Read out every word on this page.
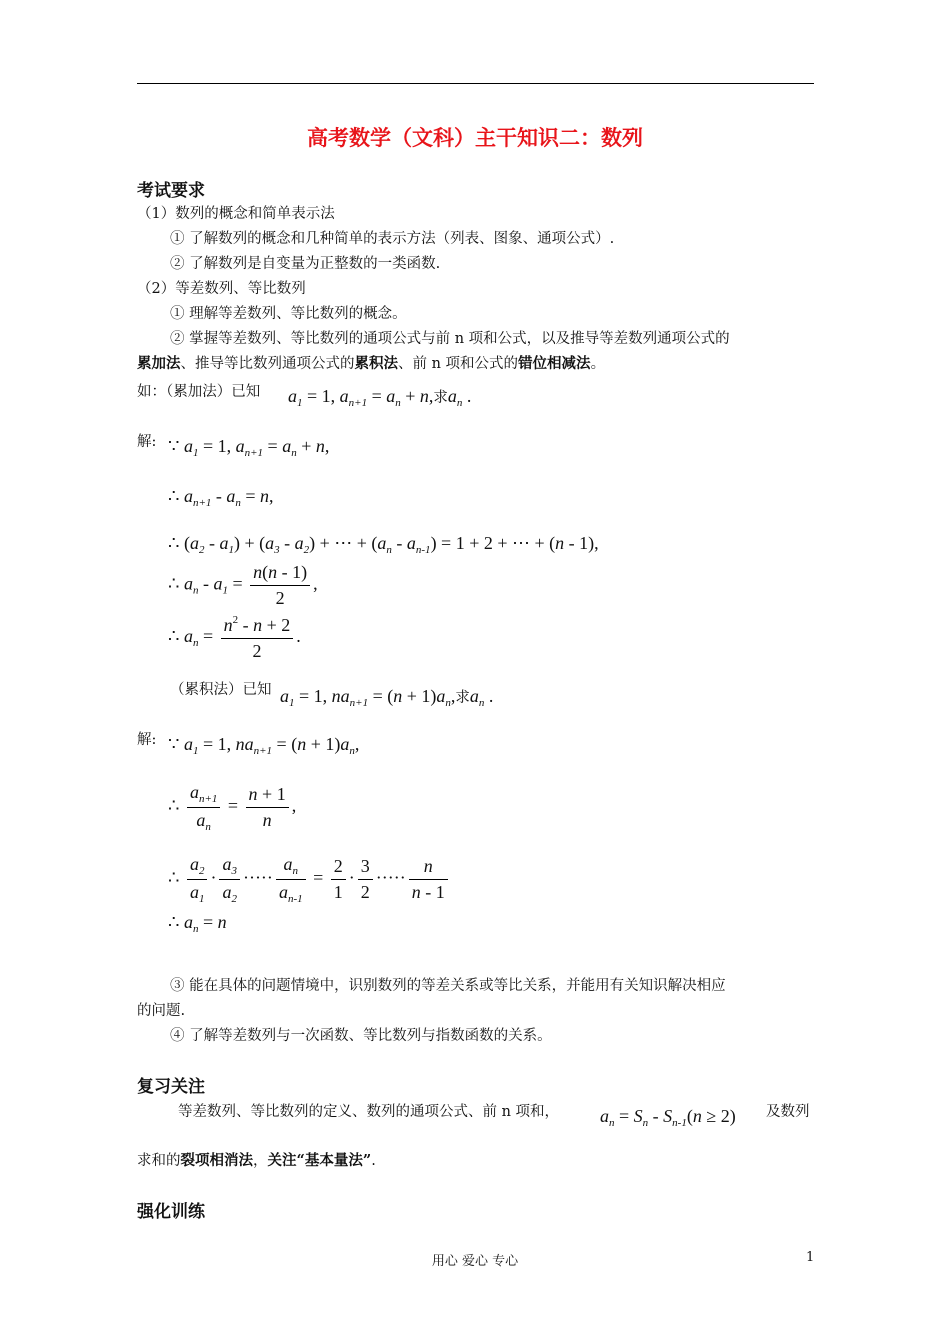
高考数学（文科）主干知识二：数列
考试要求
（1）数列的概念和简单表示法
① 了解数列的概念和几种简单的表示方法（列表、图象、通项公式）.
② 了解数列是自变量为正整数的一类函数.
（2）等差数列、等比数列
① 理解等差数列、等比数列的概念。
② 掌握等差数列、等比数列的通项公式与前 n 项和公式，以及推导等差数列通项公式的
累加法、推导等比数列通项公式的累积法、前 n 项和公式的错位相减法。
如：（累加法）已知 $a_1 = 1$, $a_{n+1} = a_n + n$,求$a_n$ .
解: ∵ $a_1 = 1$, $a_{n+1} = a_n + n$,
∴ $a_{n+1} - a_n = n$,
∴ $(a_2 - a_1) + (a_3 - a_2)$ + ⋯ + $(a_n - a_{n-1}) = 1 + 2$ + ⋯ + (n - 1),
∴ $a_n - a_1 = \frac{n(n - 1)}{2}$ ,
∴ $a_n = \frac{n^2 - n + 2}{2}$ .
（累积法）已知 $a_1 = 1$, $na_{n+1} = (n + 1)a_n$,求$a_n$ .
解: ∵ $a_1 = 1$, $na_{n+1} = (n + 1)a_n$,
∴ $\frac{a_{n+1}}{a_n} = \frac{n + 1}{n}$ ,
∴ $\frac{a_2}{a_1} \cdot \frac{a_3}{a_2}$ ····· $\frac{a_n}{a_{n-1}} = \frac{2}{1} \cdot \frac{3}{2}$ ····· $\frac{n}{n - 1}$
∴ $a_n = n$
③ 能在具体的问题情境中，识别数列的等差关系或等比关系，并能用有关知识解决相应
的问题.
④ 了解等差数列与一次函数、等比数列与指数函数的关系。
复习关注
等差数列、等比数列的定义、数列的通项公式、前 n 项和， $a_n = S_n - S_{n-1}(n \ge 2)$ 及数列
求和的裂项相消法，关注“基本量法”.
强化训练
用心 爱心 专心	1
